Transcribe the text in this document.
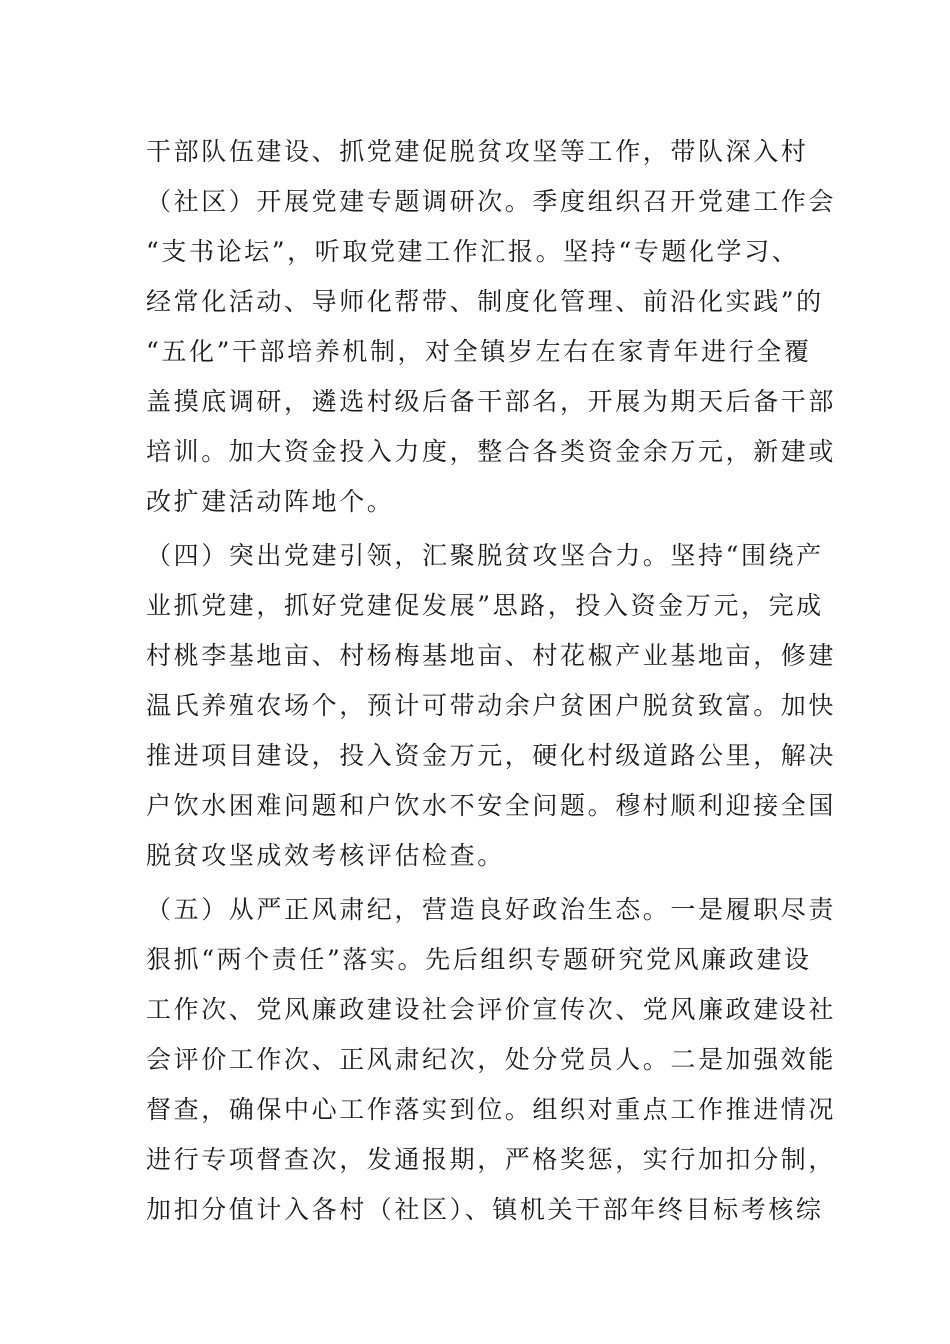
干部队伍建设、抓党建促脱贫攻坚等工作，带队深入村
（社区）开展党建专题调研次。季度组织召开党建工作会
“支书论坛”，听取党建工作汇报。坚持“专题化学习、
经常化活动、导师化帮带、制度化管理、前沿化实践”的
“五化”干部培养机制，对全镇岁左右在家青年进行全覆
盖摸底调研，遴选村级后备干部名，开展为期天后备干部
培训。加大资金投入力度，整合各类资金余万元，新建或
改扩建活动阵地个。
（四）突出党建引领，汇聚脱贫攻坚合力。坚持“围绕产
业抓党建，抓好党建促发展”思路，投入资金万元，完成
村桃李基地亩、村杨梅基地亩、村花椒产业基地亩，修建
温氏养殖农场个，预计可带动余户贫困户脱贫致富。加快
推进项目建设，投入资金万元，硬化村级道路公里，解决
户饮水困难问题和户饮水不安全问题。穆村顺利迎接全国
脱贫攻坚成效考核评估检查。
（五）从严正风肃纪，营造良好政治生态。一是履职尽责
狠抓“两个责任”落实。先后组织专题研究党风廉政建设
工作次、党风廉政建设社会评价宣传次、党风廉政建设社
会评价工作次、正风肃纪次，处分党员人。二是加强效能
督查，确保中心工作落实到位。组织对重点工作推进情况
进行专项督查次，发通报期，严格奖惩，实行加扣分制，
加扣分值计入各村（社区）、镇机关干部年终目标考核综
